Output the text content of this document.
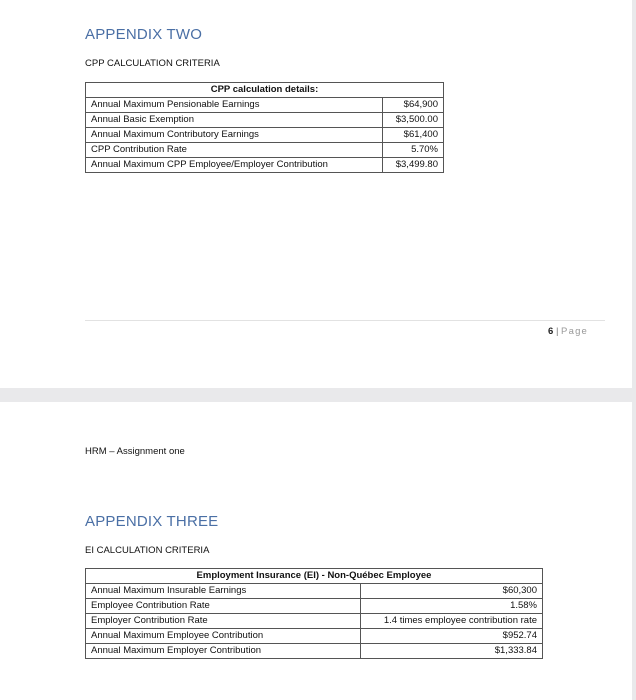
APPENDIX TWO
CPP CALCULATION CRITERIA
CPP calculation details:	
Annual Maximum Pensionable Earnings	$64,900
Annual Basic Exemption	$3,500.00
Annual Maximum Contributory Earnings	$61,400
CPP Contribution Rate	5.70%
Annual Maximum CPP Employee/Employer Contribution	$3,499.80
6 | Page
HRM – Assignment one
APPENDIX THREE
EI CALCULATION CRITERIA
Employment Insurance (EI) - Non-Québec Employee	
Annual Maximum Insurable Earnings	$60,300
Employee Contribution Rate	1.58%
Employer Contribution Rate	1.4 times employee contribution rate
Annual Maximum Employee Contribution	$952.74
Annual Maximum Employer Contribution	$1,333.84
